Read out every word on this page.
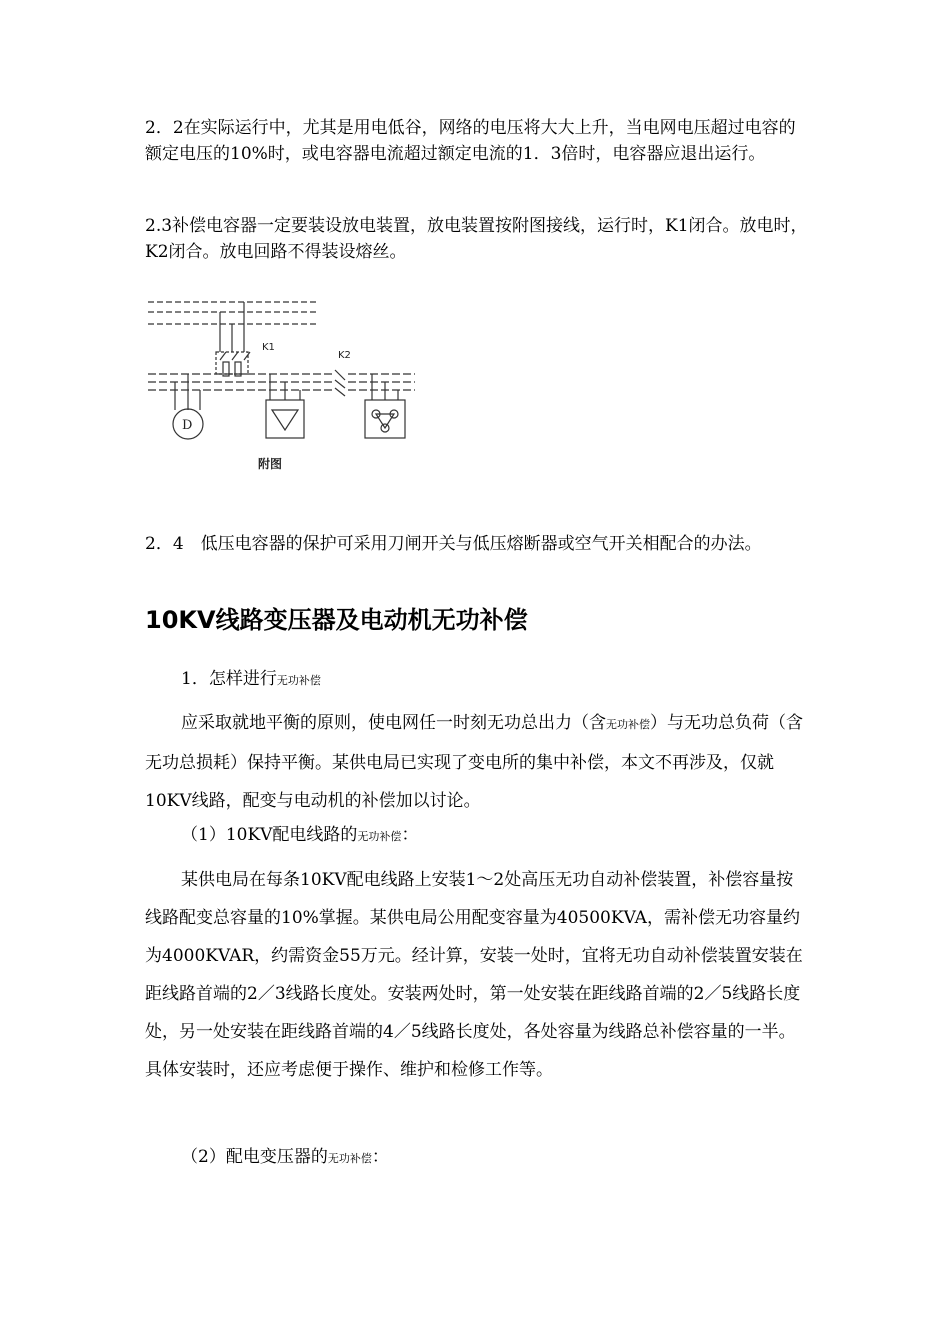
2．2在实际运行中，尤其是用电低谷，网络的电压将大大上升，当电网电压超过电容的额定电压的10%时，或电容器电流超过额定电流的1．3倍时，电容器应退出运行。

2.3补偿电容器一定要装设放电装置，放电装置按附图接线，运行时，K1闭合。放电时，K2闭合。放电回路不得装设熔丝。

K1
K2
D
附图

2．4　低压电容器的保护可采用刀闸开关与低压熔断器或空气开关相配合的办法。

10KV线路变压器及电动机无功补偿

1．怎样进行无功补偿

应采取就地平衡的原则，使电网任一时刻无功总出力（含无功补偿）与无功总负荷（含无功总损耗）保持平衡。某供电局已实现了变电所的集中补偿，本文不再涉及，仅就10KV线路，配变与电动机的补偿加以讨论。

（1）10KV配电线路的无功补偿：

某供电局在每条10KV配电线路上安装1～2处高压无功自动补偿装置，补偿容量按线路配变总容量的10%掌握。某供电局公用配变容量为40500KVA，需补偿无功容量约为4000KVAR，约需资金55万元。经计算，安装一处时，宜将无功自动补偿装置安装在距线路首端的2／3线路长度处。安装两处时，第一处安装在距线路首端的2／5线路长度处，另一处安装在距线路首端的4／5线路长度处，各处容量为线路总补偿容量的一半。具体安装时，还应考虑便于操作、维护和检修工作等。

（2）配电变压器的无功补偿：
